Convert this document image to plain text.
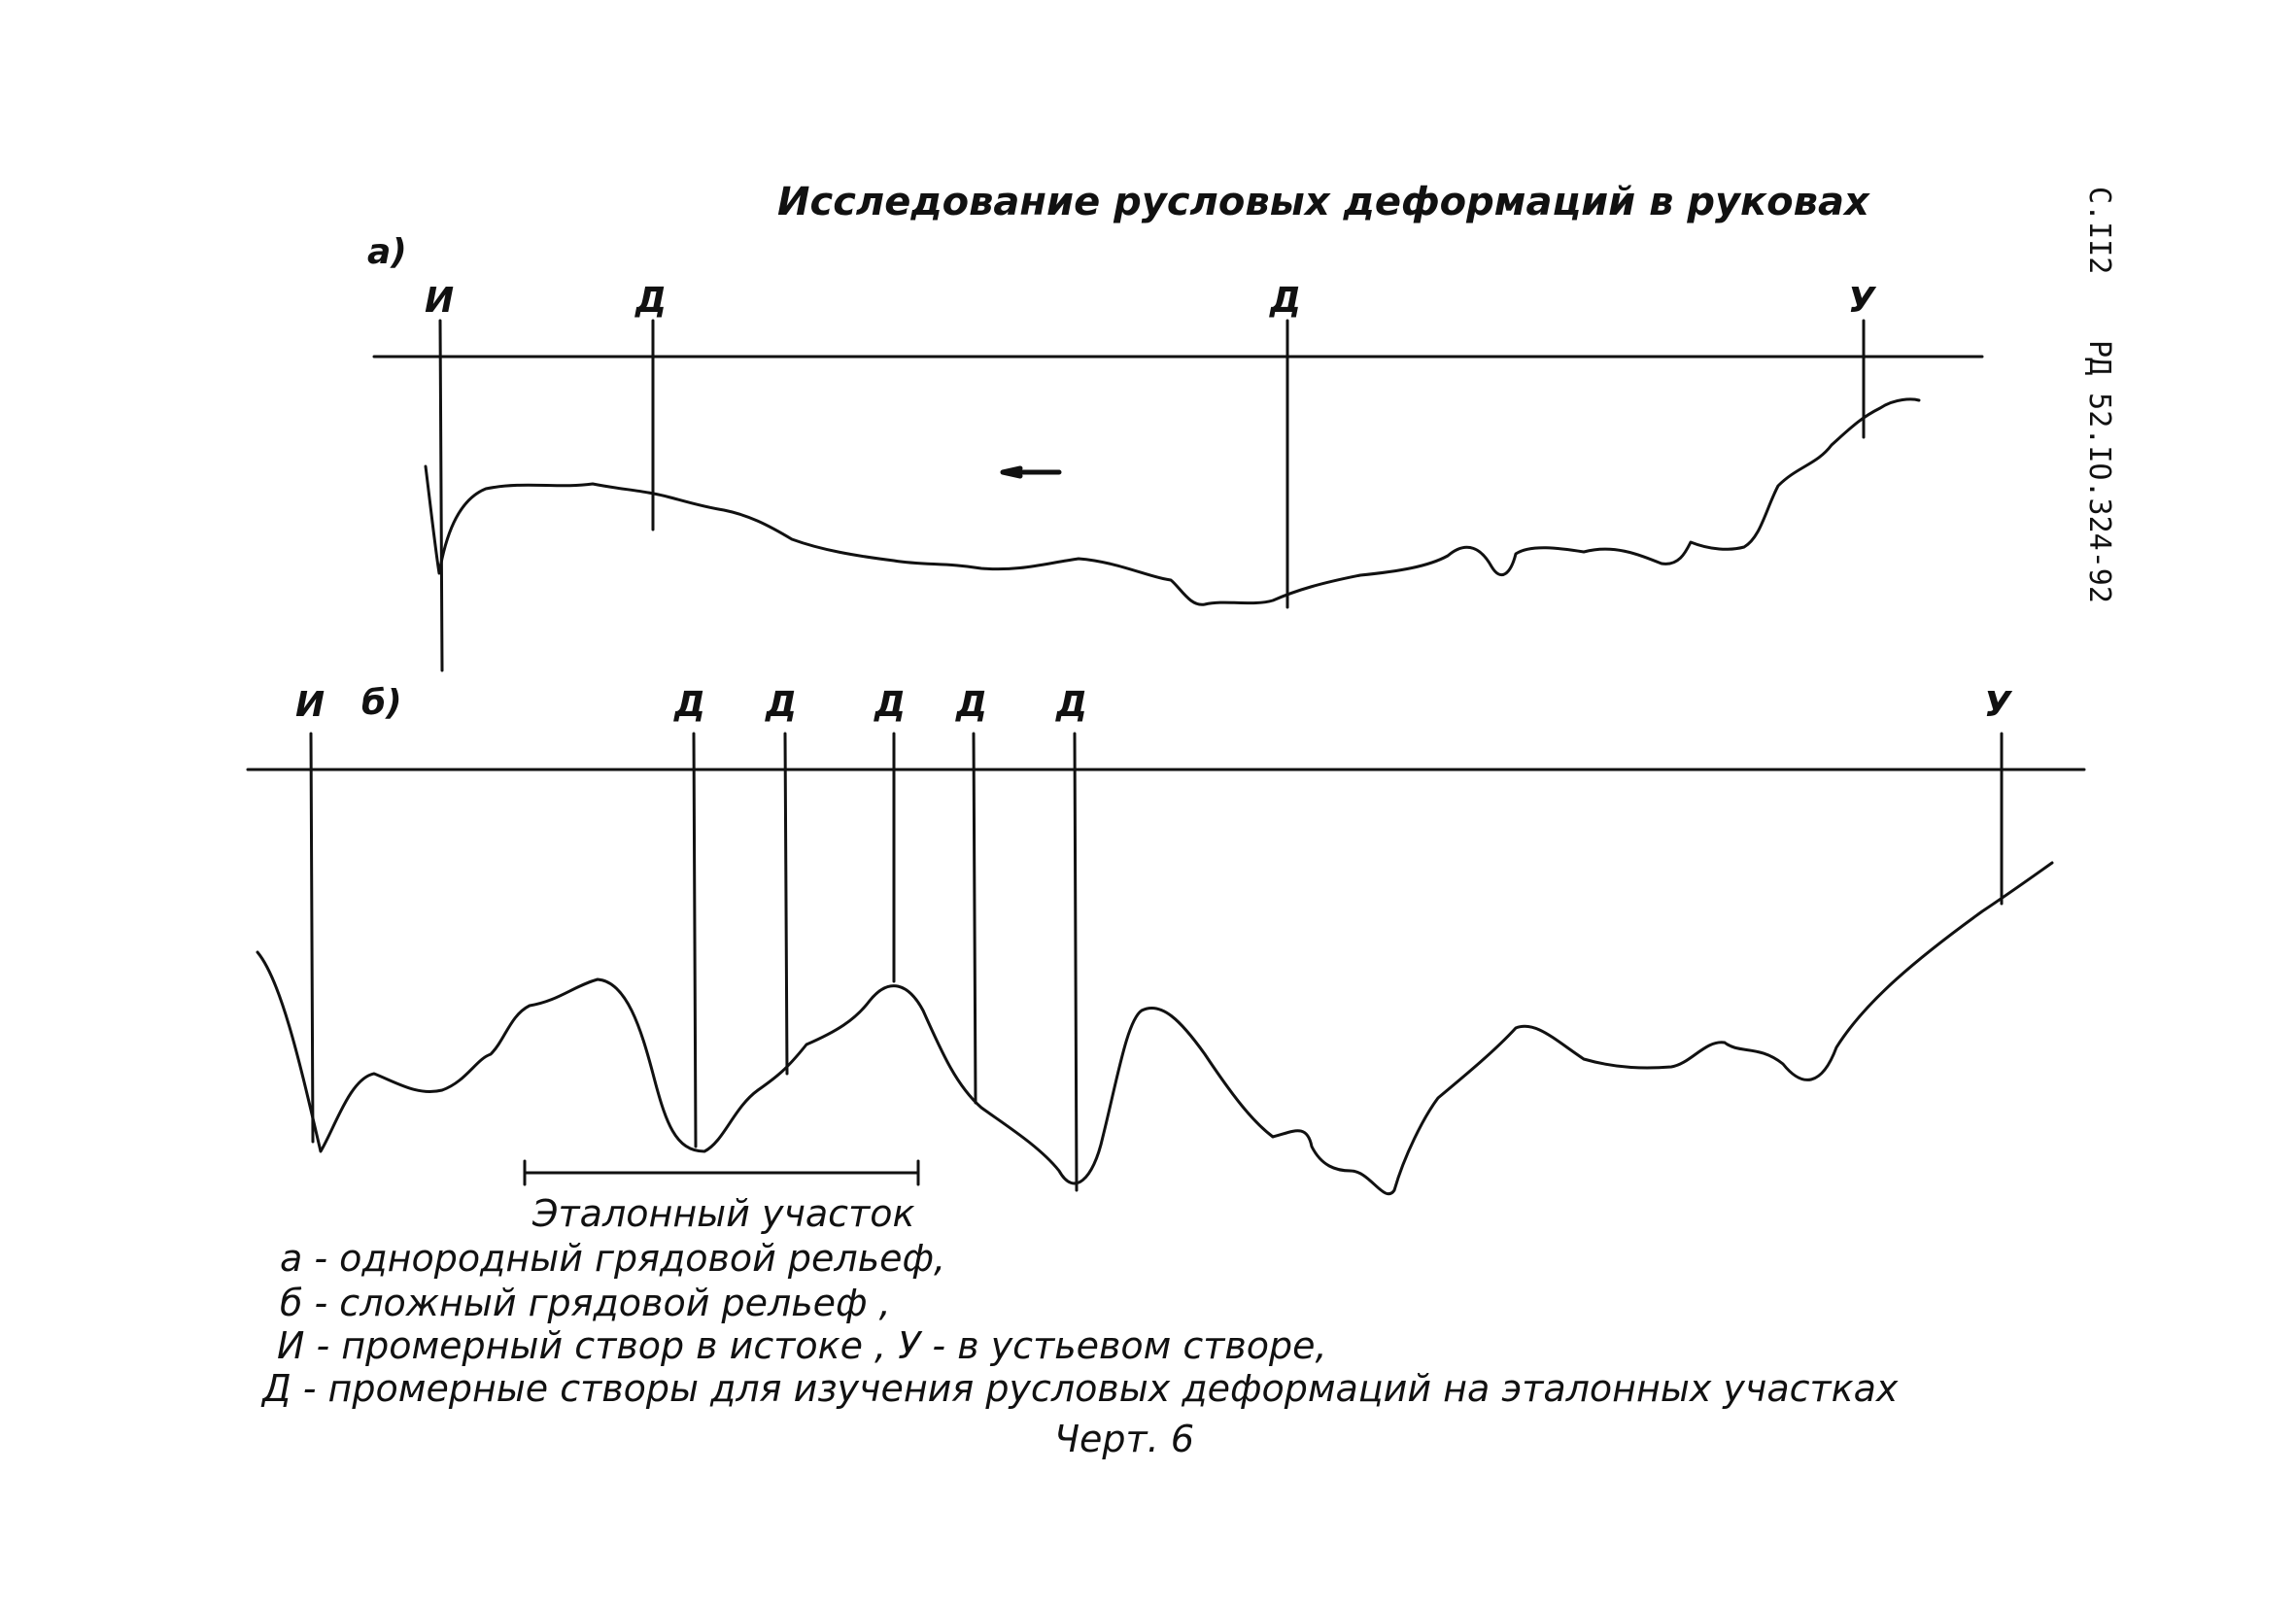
Исследование русловых деформаций в руковах	С.II2
РД 52.IO.324-92
а)
И	Д	Д	У
б)
И	Д Д Д Д Д	У
Эталонный участок
а - однородный грядовой рельеф,
б - сложный грядовой рельеф ,
И - промерный створ в истоке , У - в устьевом створе,
Д - промерные створы для изучения русловых деформаций на эталонных участках
Черт. 6
